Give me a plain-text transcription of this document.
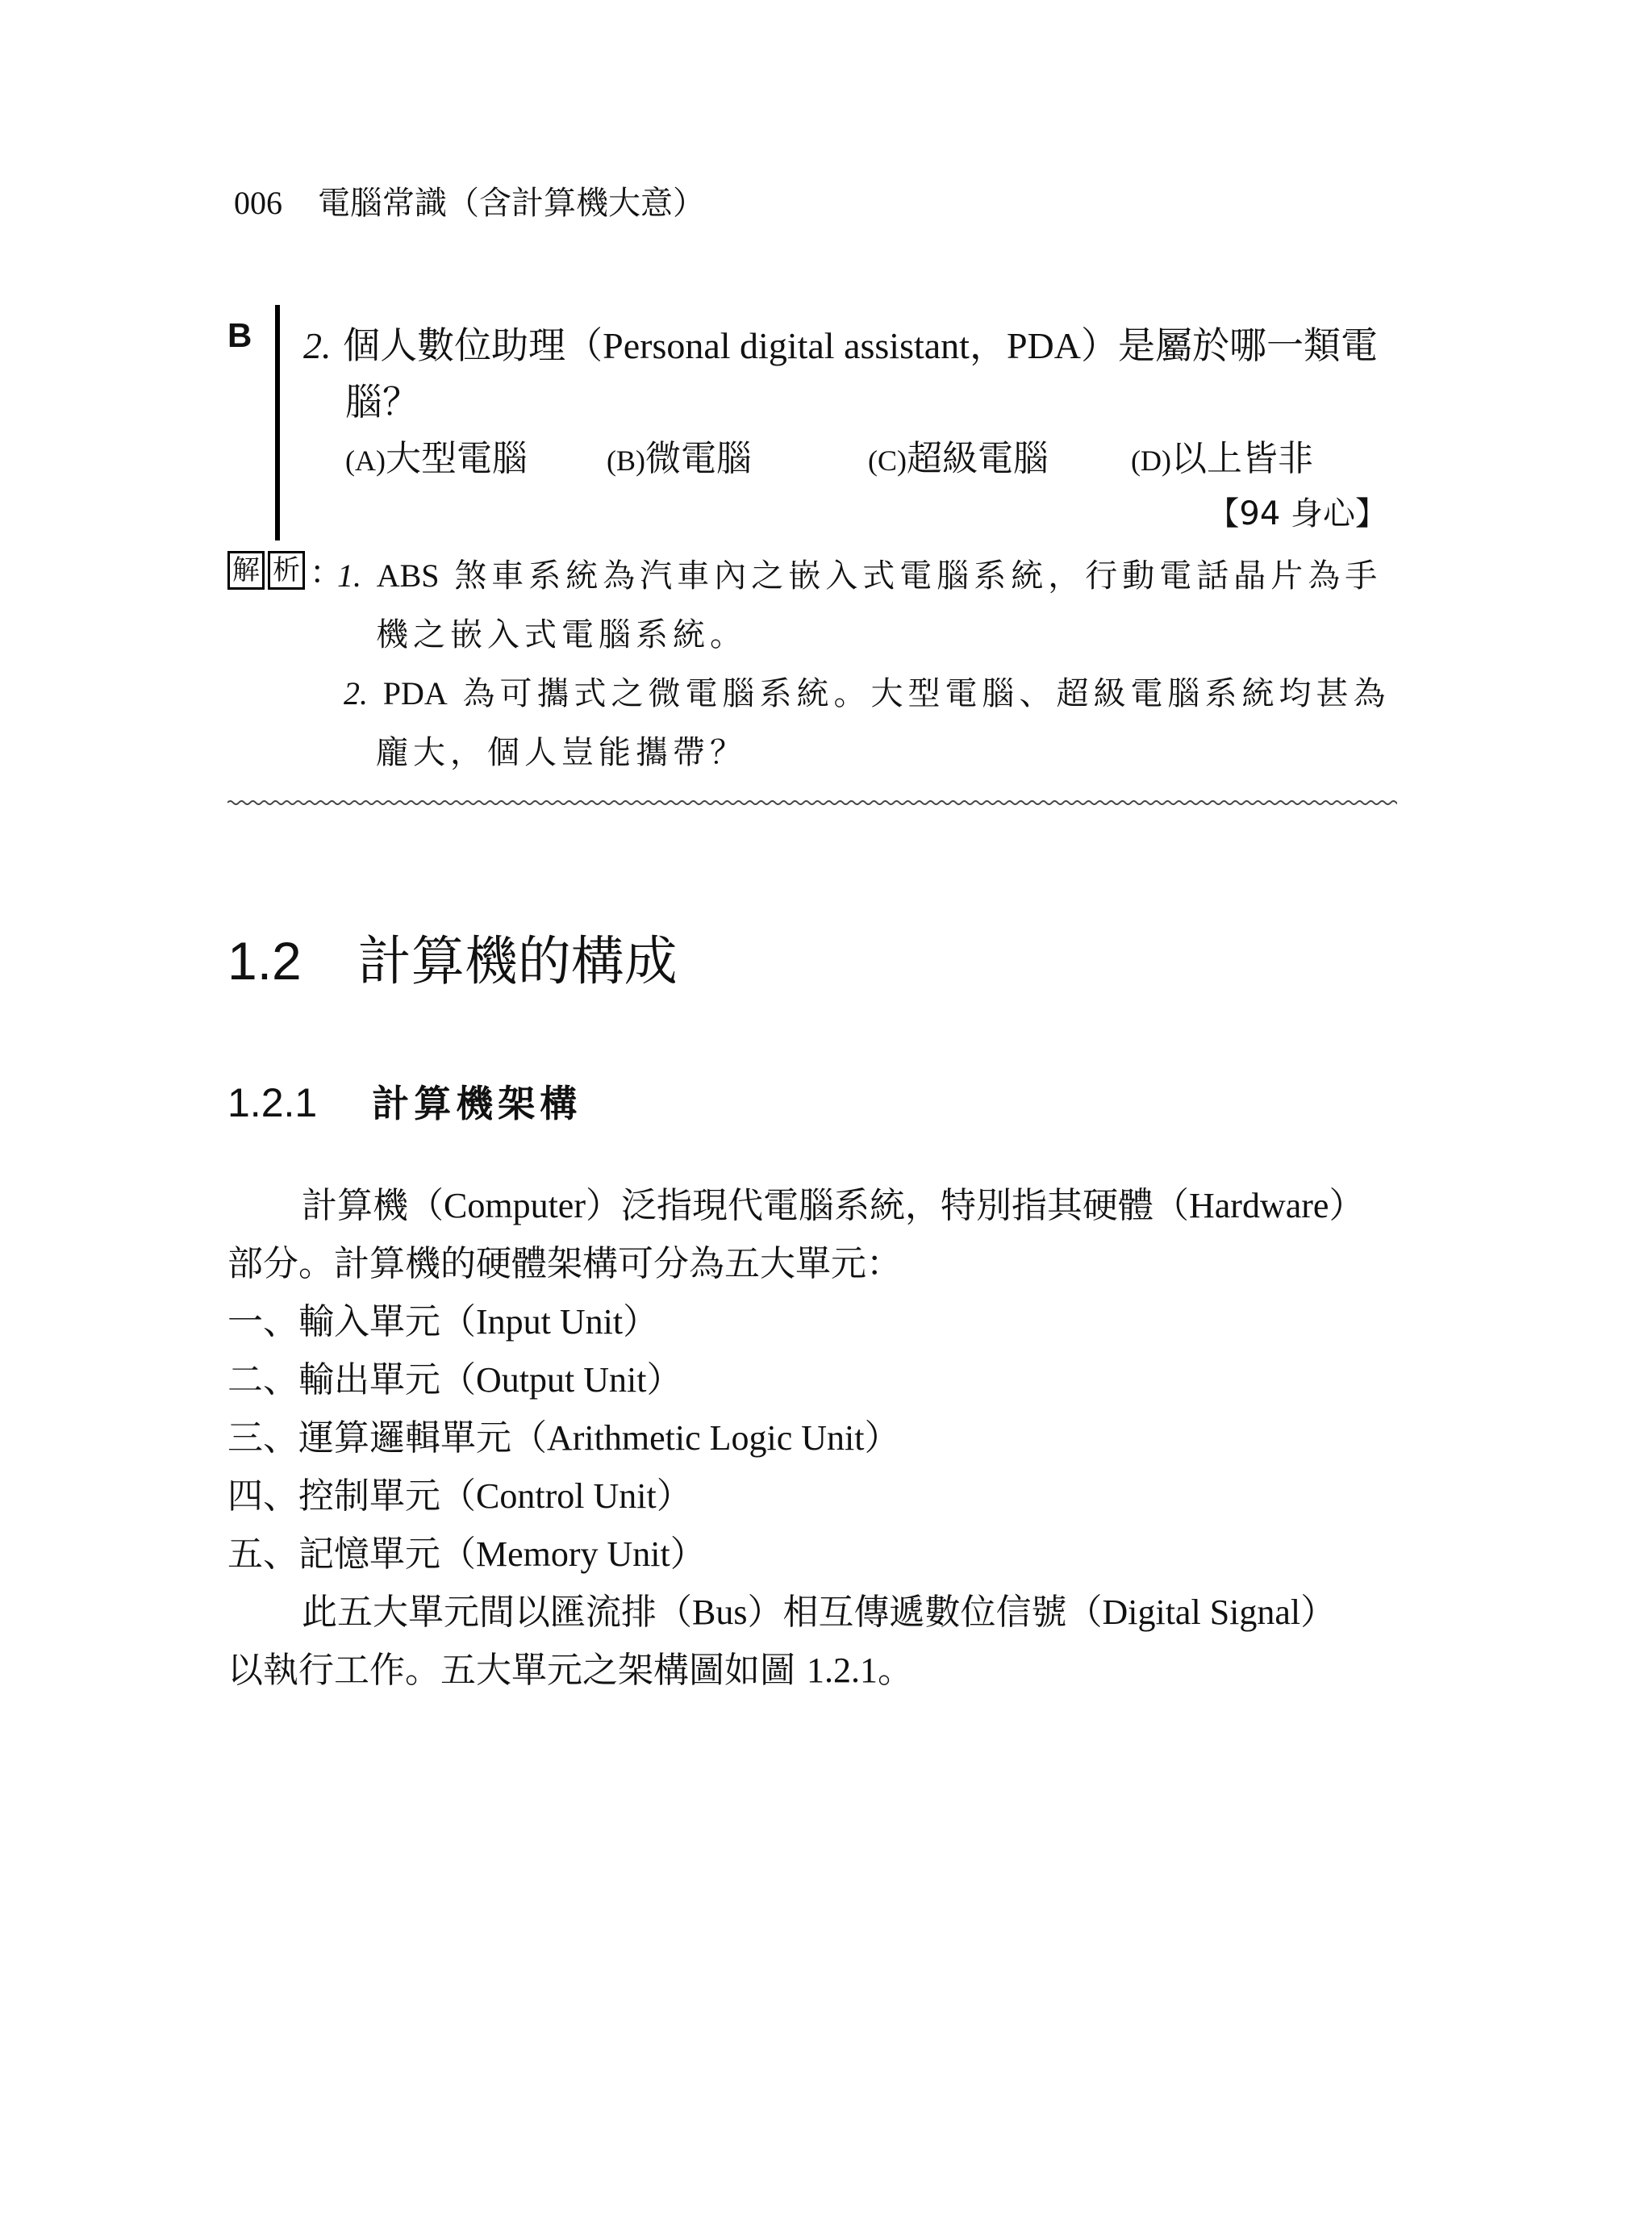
006 電腦常識（含計算機大意）
B 2. 個人數位助理（Personal digital assistant，PDA）是屬於哪一類電
腦？
(A)大型電腦	(B)微電腦	(C)超級電腦	(D)以上皆非
【94 身心】
解 析 ：
1. ABS 煞車系統為汽車內之嵌入式電腦系統，行動電話晶片為手
機之嵌入式電腦系統。
2. PDA 為可攜式之微電腦系統。大型電腦、超級電腦系統均甚為
龐大，個人豈能攜帶？
1.2 計算機的構成
1.2.1 計算機架構
計算機（Computer）泛指現代電腦系統，特別指其硬體（Hardware）
部分。計算機的硬體架構可分為五大單元：
一、輸入單元（Input Unit）
二、輸出單元（Output Unit）
三、運算邏輯單元（Arithmetic Logic Unit）
四、控制單元（Control Unit）
五、記憶單元（Memory Unit）
此五大單元間以匯流排（Bus）相互傳遞數位信號（Digital Signal）
以執行工作。五大單元之架構圖如圖 1.2.1。
